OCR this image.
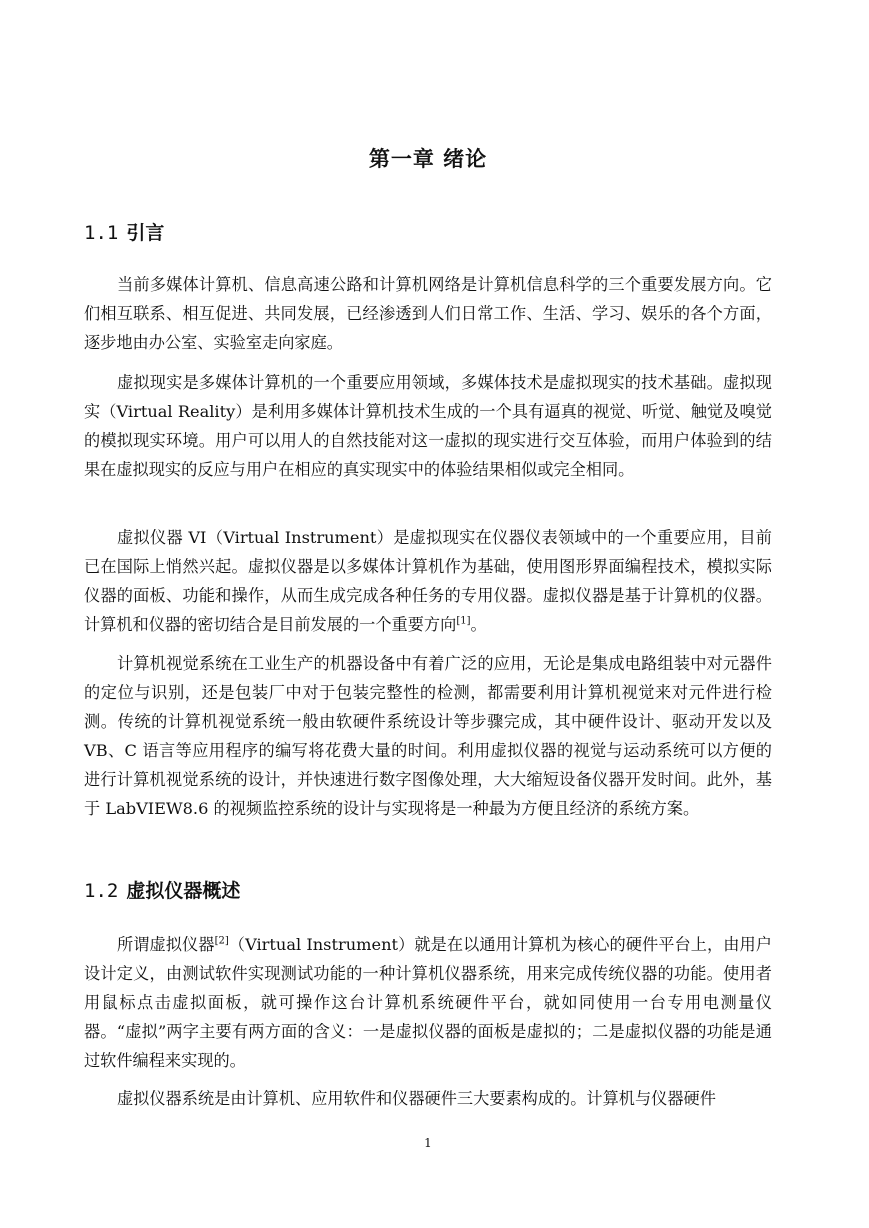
第一章 绪论
1.1 引言

当前多媒体计算机、信息高速公路和计算机网络是计算机信息科学的三个重要发展方向。它们相互联系、相互促进、共同发展，已经渗透到人们日常工作、生活、学习、娱乐的各个方面，逐步地由办公室、实验室走向家庭。

虚拟现实是多媒体计算机的一个重要应用领域，多媒体技术是虚拟现实的技术基础。虚拟现实（Virtual Reality）是利用多媒体计算机技术生成的一个具有逼真的视觉、听觉、触觉及嗅觉的模拟现实环境。用户可以用人的自然技能对这一虚拟的现实进行交互体验，而用户体验到的结果在虚拟现实的反应与用户在相应的真实现实中的体验结果相似或完全相同。

虚拟仪器 VI（Virtual Instrument）是虚拟现实在仪器仪表领域中的一个重要应用，目前已在国际上悄然兴起。虚拟仪器是以多媒体计算机作为基础，使用图形界面编程技术，模拟实际仪器的面板、功能和操作，从而生成完成各种任务的专用仪器。虚拟仪器是基于计算机的仪器。计算机和仪器的密切结合是目前发展的一个重要方向[1]。

计算机视觉系统在工业生产的机器设备中有着广泛的应用，无论是集成电路组装中对元器件的定位与识别，还是包装厂中对于包装完整性的检测，都需要利用计算机视觉来对元件进行检测。传统的计算机视觉系统一般由软硬件系统设计等步骤完成，其中硬件设计、驱动开发以及 VB、C 语言等应用程序的编写将花费大量的时间。利用虚拟仪器的视觉与运动系统可以方便的进行计算机视觉系统的设计，并快速进行数字图像处理，大大缩短设备仪器开发时间。此外，基于 LabVIEW8.6 的视频监控系统的设计与实现将是一种最为方便且经济的系统方案。

1.2 虚拟仪器概述

所谓虚拟仪器[2]（Virtual Instrument）就是在以通用计算机为核心的硬件平台上，由用户设计定义，由测试软件实现测试功能的一种计算机仪器系统，用来完成传统仪器的功能。使用者用鼠标点击虚拟面板，就可操作这台计算机系统硬件平台，就如同使用一台专用电测量仪器。“虚拟”两字主要有两方面的含义：一是虚拟仪器的面板是虚拟的；二是虚拟仪器的功能是通过软件编程来实现的。

虚拟仪器系统是由计算机、应用软件和仪器硬件三大要素构成的。计算机与仪器硬件

1
